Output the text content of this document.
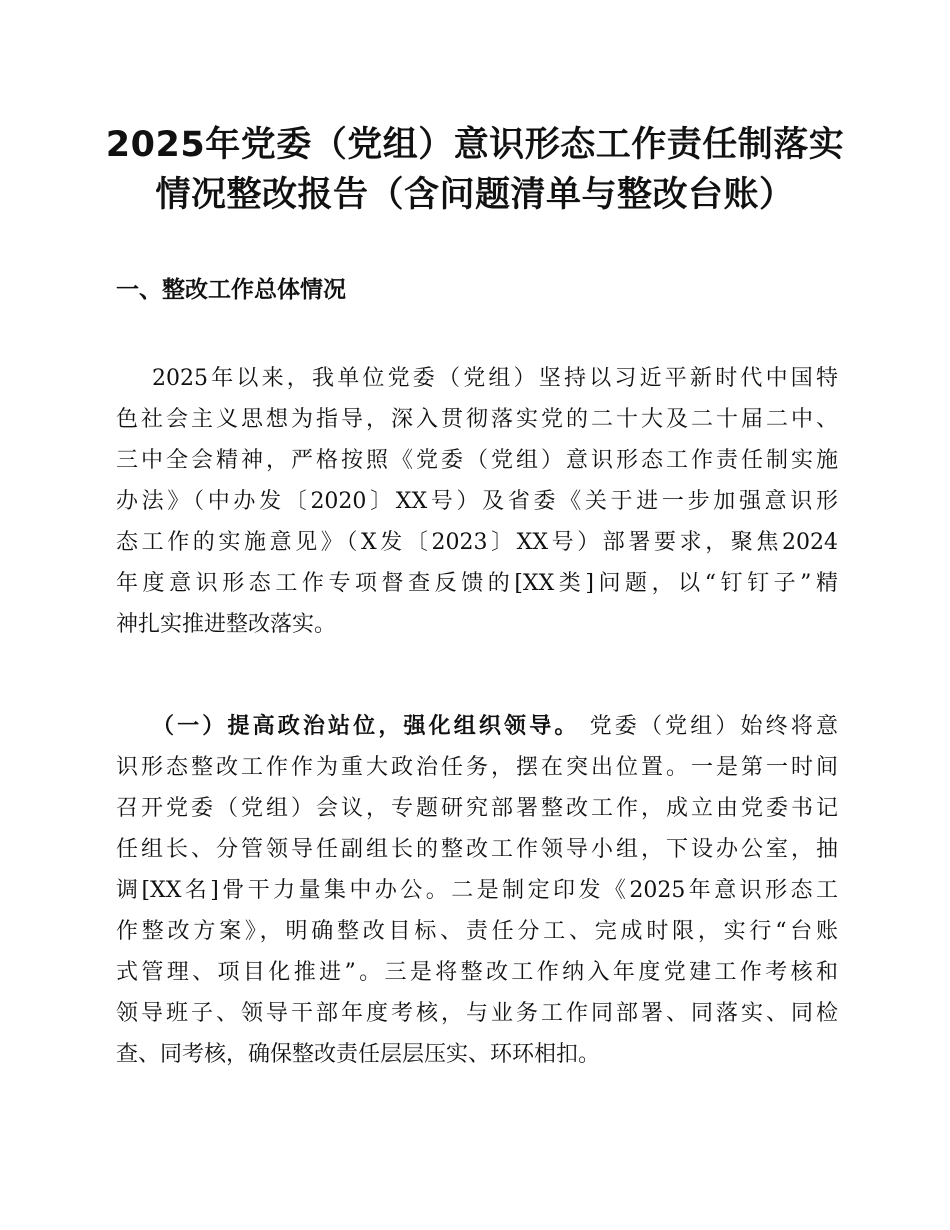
2025年党委（党组）意识形态工作责任制落实
情况整改报告（含问题清单与整改台账）
一、整改工作总体情况
2025年以来，我单位党委（党组）坚持以习近平新时代中国特
色社会主义思想为指导，深入贯彻落实党的二十大及二十届二中、
三中全会精神，严格按照《党委（党组）意识形态工作责任制实施
办法》（中办发〔2020〕XX号）及省委《关于进一步加强意识形
态工作的实施意见》（X发〔2023〕XX号）部署要求，聚焦2024
年度意识形态工作专项督查反馈的[XX类]问题，以“钉钉子”精
神扎实推进整改落实。
（一）提高政治站位，强化组织领导。 党委（党组）始终将意
识形态整改工作作为重大政治任务，摆在突出位置。一是第一时间
召开党委（党组）会议，专题研究部署整改工作，成立由党委书记
任组长、分管领导任副组长的整改工作领导小组，下设办公室，抽
调[XX名]骨干力量集中办公。二是制定印发《2025年意识形态工
作整改方案》，明确整改目标、责任分工、完成时限，实行“台账
式管理、项目化推进”。三是将整改工作纳入年度党建工作考核和
领导班子、领导干部年度考核，与业务工作同部署、同落实、同检
查、同考核，确保整改责任层层压实、环环相扣。
